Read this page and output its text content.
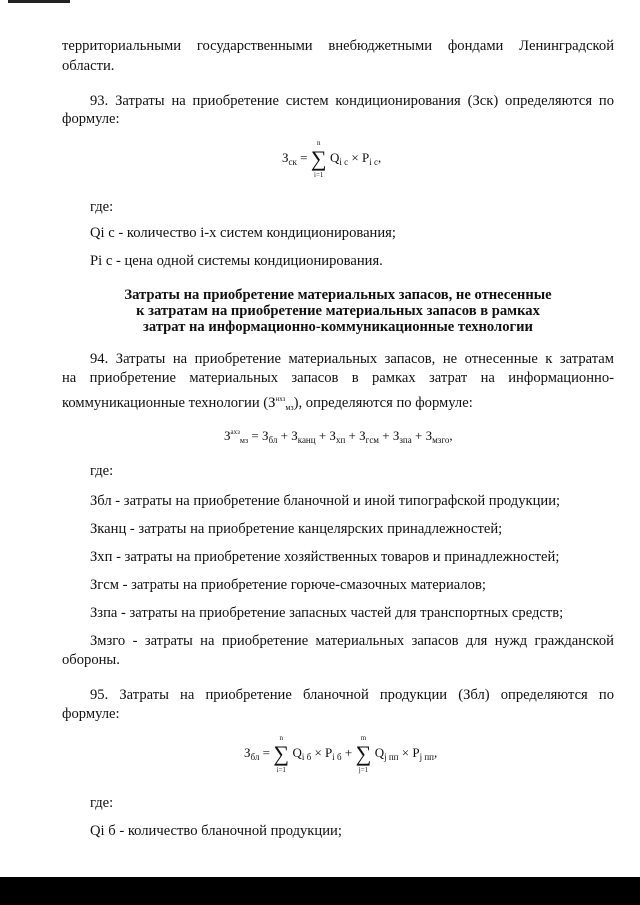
территориальными государственными внебюджетными фондами Ленинградской
области.
93. Затраты на приобретение систем кондиционирования (Зск) определяются по
формуле:
$З_{ск}$ = ∑
n
i=1
$Q_{i с} \times P_{i с}$,
где:
Qi с - количество i-х систем кондиционирования;
Pi с - цена одной системы кондиционирования.
Затраты на приобретение материальных запасов, не отнесенные
к затратам на приобретение материальных запасов в рамках
затрат на информационно-коммуникационные технологии
94. Затраты на приобретение материальных запасов, не отнесенные к затратам
на приобретение материальных запасов в рамках затрат на информационно-
коммуникационные технологии $(З^{нхз}_{мз})$, определяются по формуле:
$З^{axз}_{мз} = З_{бл} + З_{канц} + З_{хп} + З_{гсм} + З_{зпа} + З_{мзго}$,
где:
Збл - затраты на приобретение бланочной и иной типографской продукции;
Зканц - затраты на приобретение канцелярских принадлежностей;
Зхп - затраты на приобретение хозяйственных товаров и принадлежностей;
Згсм - затраты на приобретение горюче-смазочных материалов;
Ззпа - затраты на приобретение запасных частей для транспортных средств;
Змзго - затраты на приобретение материальных запасов для нужд гражданской
обороны.
95. Затраты на приобретение бланочной продукции (Збл) определяются по
формуле:
$З_{бл}$ = ∑
n
i=1
$Q_{i б} \times P_{i б}$ + ∑
m
j=1
$Q_{j пп} \times P_{j пп}$,
где:
Qi б - количество бланочной продукции;
